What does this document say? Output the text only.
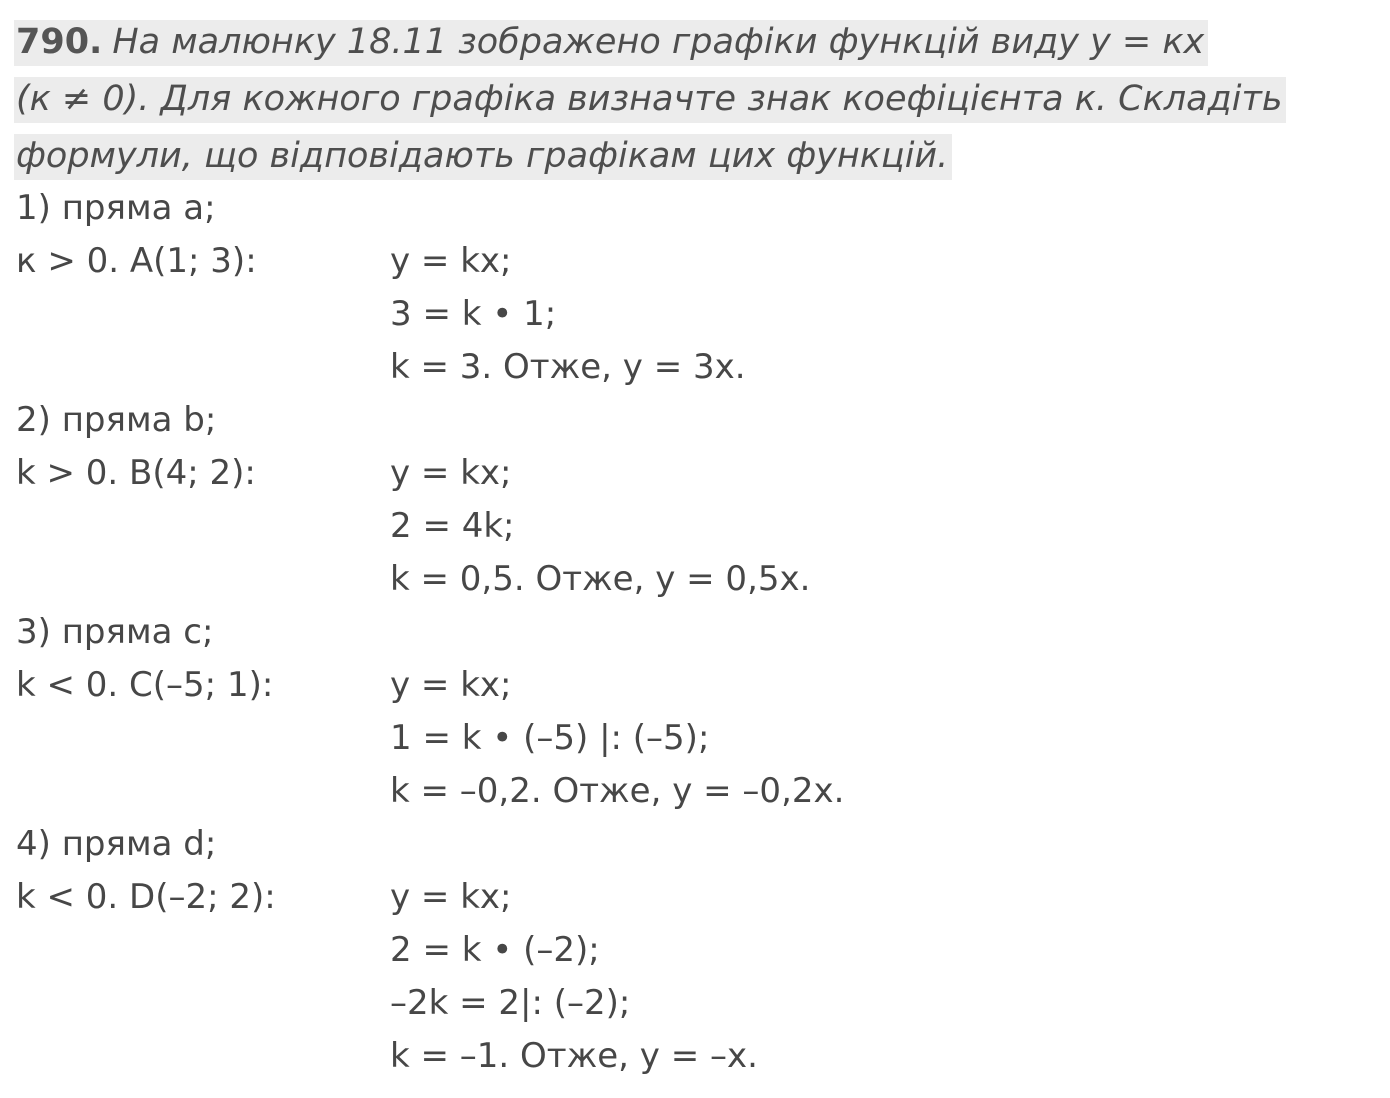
790. На малюнку 18.11 зображено графіки функцій виду y = кx
(к ≠ 0). Для кожного графіка визначте знак коефіцієнта к. Складіть
формули, що відповідають графікам цих функцій.
1) пряма a;
к > 0. A(1; 3):	y = kx;
3 = k • 1;
k = 3. Отже, y = 3x.
2) пряма b;
k > 0. B(4; 2):	y = kx;
2 = 4k;
k = 0,5. Отже, y = 0,5x.
3) пряма c;
k < 0. C(–5; 1):	y = kx;
1 = k • (–5) |: (–5);
k = –0,2. Отже, y = –0,2x.
4) пряма d;
k < 0. D(–2; 2):	y = kx;
2 = k • (–2);
–2k = 2|: (–2);
k = –1. Отже, y = –x.
